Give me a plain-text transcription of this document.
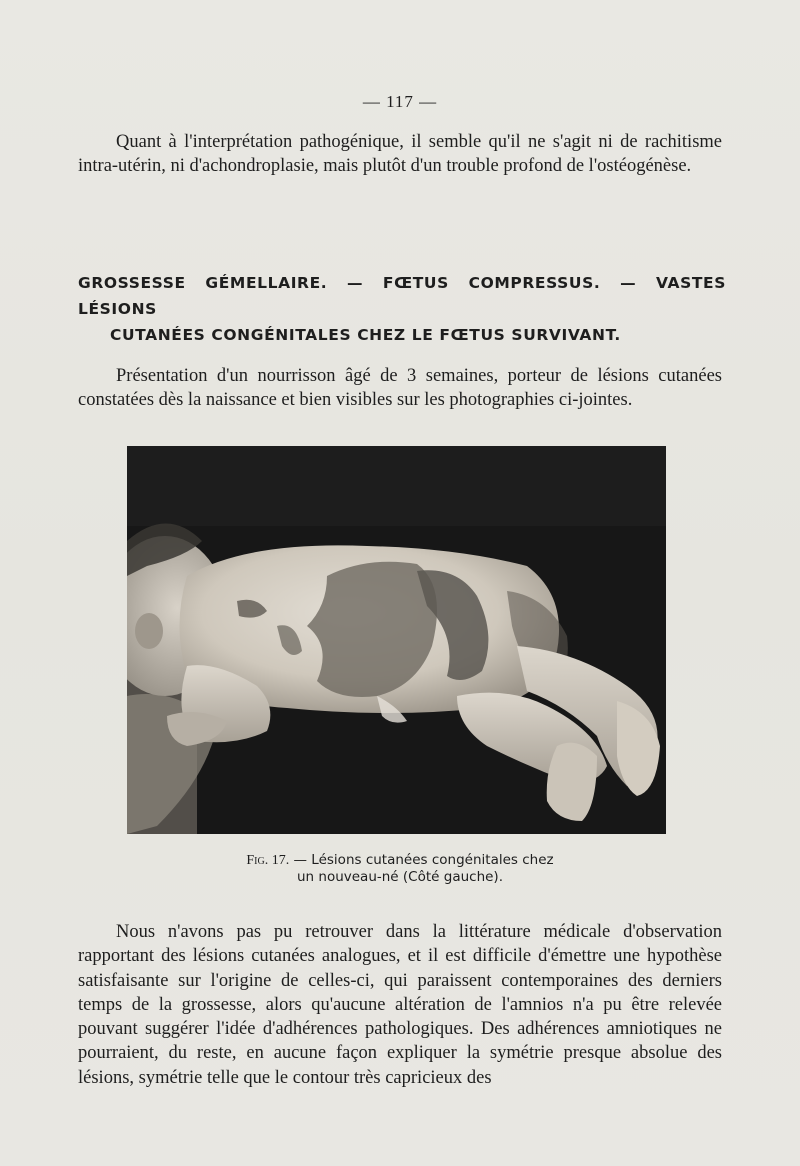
— 117 —

Quant à l'interprétation pathogénique, il semble qu'il ne s'agit ni de rachitisme intra-utérin, ni d'achondroplasie, mais plutôt d'un trouble profond de l'ostéogénèse.

GROSSESSE GÉMELLAIRE. — FŒTUS COMPRESSUS. — VASTES LÉSIONS
CUTANÉES CONGÉNITALES CHEZ LE FŒTUS SURVIVANT.

Présentation d'un nourrisson âgé de 3 semaines, porteur de lésions cutanées constatées dès la naissance et bien visibles sur les photographies ci-jointes.

Fig. 17. — Lésions cutanées congénitales chez
un nouveau-né (Côté gauche).

Nous n'avons pas pu retrouver dans la littérature médicale d'observation rapportant des lésions cutanées analogues, et il est difficile d'émettre une hypothèse satisfaisante sur l'origine de celles-ci, qui paraissent contemporaines des derniers temps de la grossesse, alors qu'aucune altération de l'amnios n'a pu être relevée pouvant suggérer l'idée d'adhérences pathologiques. Des adhérences amniotiques ne pourraient, du reste, en aucune façon expliquer la symétrie presque absolue des lésions, symétrie telle que le contour très capricieux des
